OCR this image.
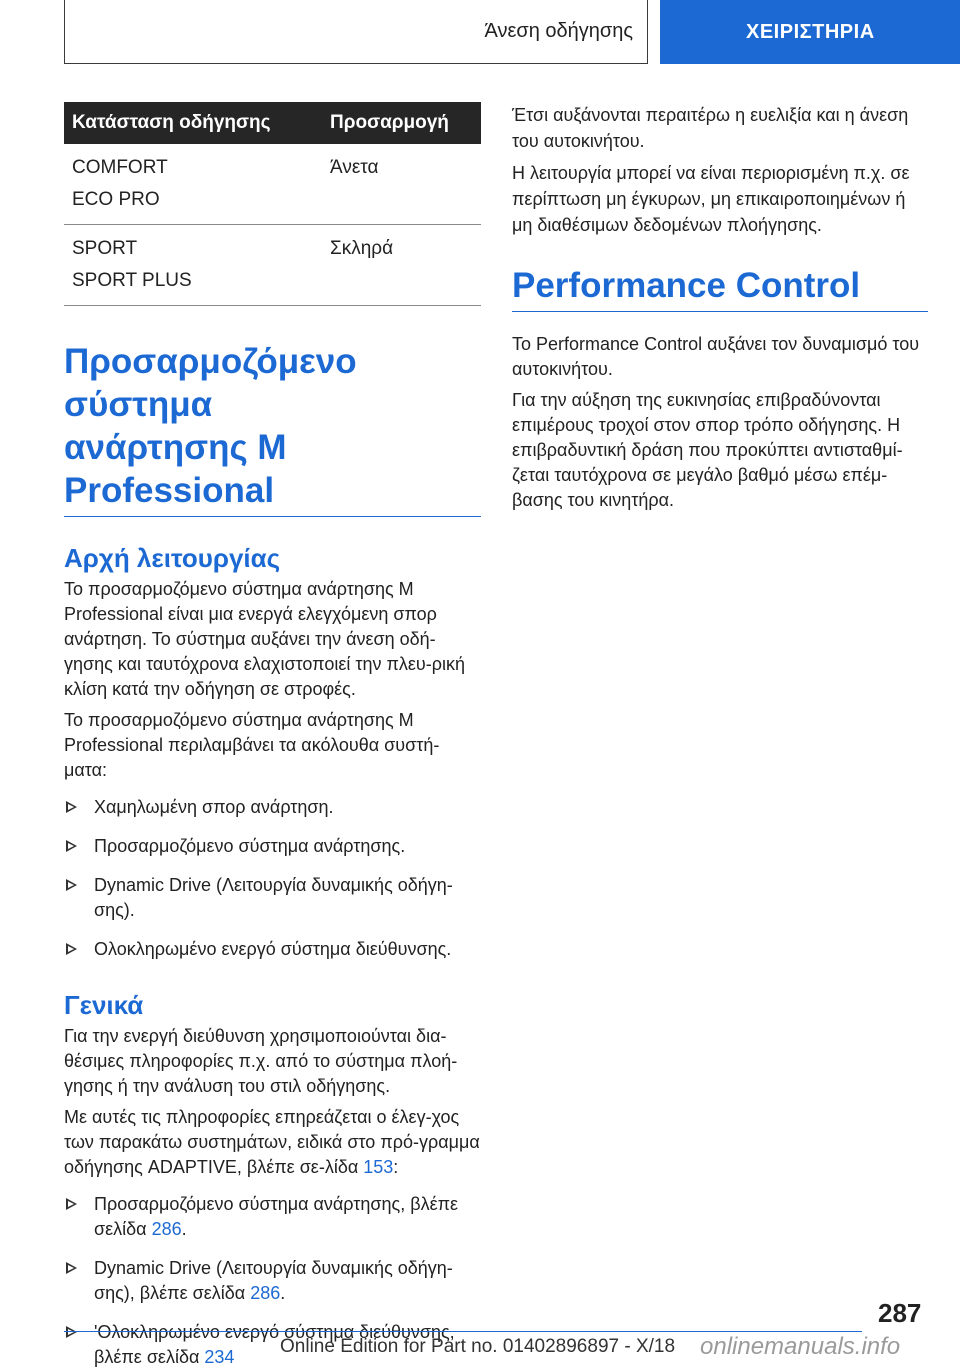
Άνεση οδήγησης	ΧΕΙΡΙΣΤΗΡΙΑ
Κατάσταση οδήγησης	Προσαρμογή

COMFORT
ECO PRO	Άνετα

SPORT
SPORT PLUS	Σκληρά
Προσαρμοζόμενο σύστημα
ανάρτησης M Professional
Αρχή λειτουργίας

Το προσαρμοζόμενο σύστημα ανάρτησης M Professional είναι μια ενεργά ελεγχόμενη σπορ ανάρτηση. Το σύστημα αυξάνει την άνεση οδή-γησης και ταυτόχρονα ελαχιστοποιεί την πλευ-ρική κλίση κατά την οδήγηση σε στροφές.

Το προσαρμοζόμενο σύστημα ανάρτησης M Professional περιλαμβάνει τα ακόλουθα συστή-ματα:

Χαμηλωμένη σπορ ανάρτηση.
Προσαρμοζόμενο σύστημα ανάρτησης.
Dynamic Drive (Λειτουργία δυναμικής οδήγη-σης).
Ολοκληρωμένο ενεργό σύστημα διεύθυνσης.
Γενικά

Για την ενεργή διεύθυνση χρησιμοποιούνται δια-θέσιμες πληροφορίες π.χ. από το σύστημα πλοή-γησης ή την ανάλυση του στιλ οδήγησης.

Με αυτές τις πληροφορίες επηρεάζεται ο έλεγ-χος των παρακάτω συστημάτων, ειδικά στο πρό-γραμμα οδήγησης ADAPTIVE, βλέπε σε-λίδα 153:

Προσαρμοζόμενο σύστημα ανάρτησης, βλέπε σελίδα 286.
Dynamic Drive (Λειτουργία δυναμικής οδήγη-σης), βλέπε σελίδα 286.
'Ολοκληρωμένο ενεργό σύστημα διεύθυνσης, βλέπε σελίδα 234

Έτσι αυξάνονται περαιτέρω η ευελιξία και η άνεση του αυτοκινήτου.

Η λειτουργία μπορεί να είναι περιορισμένη π.χ. σε περίπτωση μη έγκυρων, μη επικαιροποιημένων ή μη διαθέσιμων δεδομένων πλοήγησης.

Performance Control

Το Performance Control αυξάνει τον δυναμισμό του αυτοκινήτου.

Για την αύξηση της ευκινησίας επιβραδύνονται επιμέρους τροχοί στον σπορ τρόπο οδήγησης. Η επιβραδυντική δράση που προκύπτει αντισταθμί-ζεται ταυτόχρονα σε μεγάλο βαθμό μέσω επέμ-βασης του κινητήρα.

287
Online Edition for Part no. 01402896897 - X/18 onlinemanuals.info
